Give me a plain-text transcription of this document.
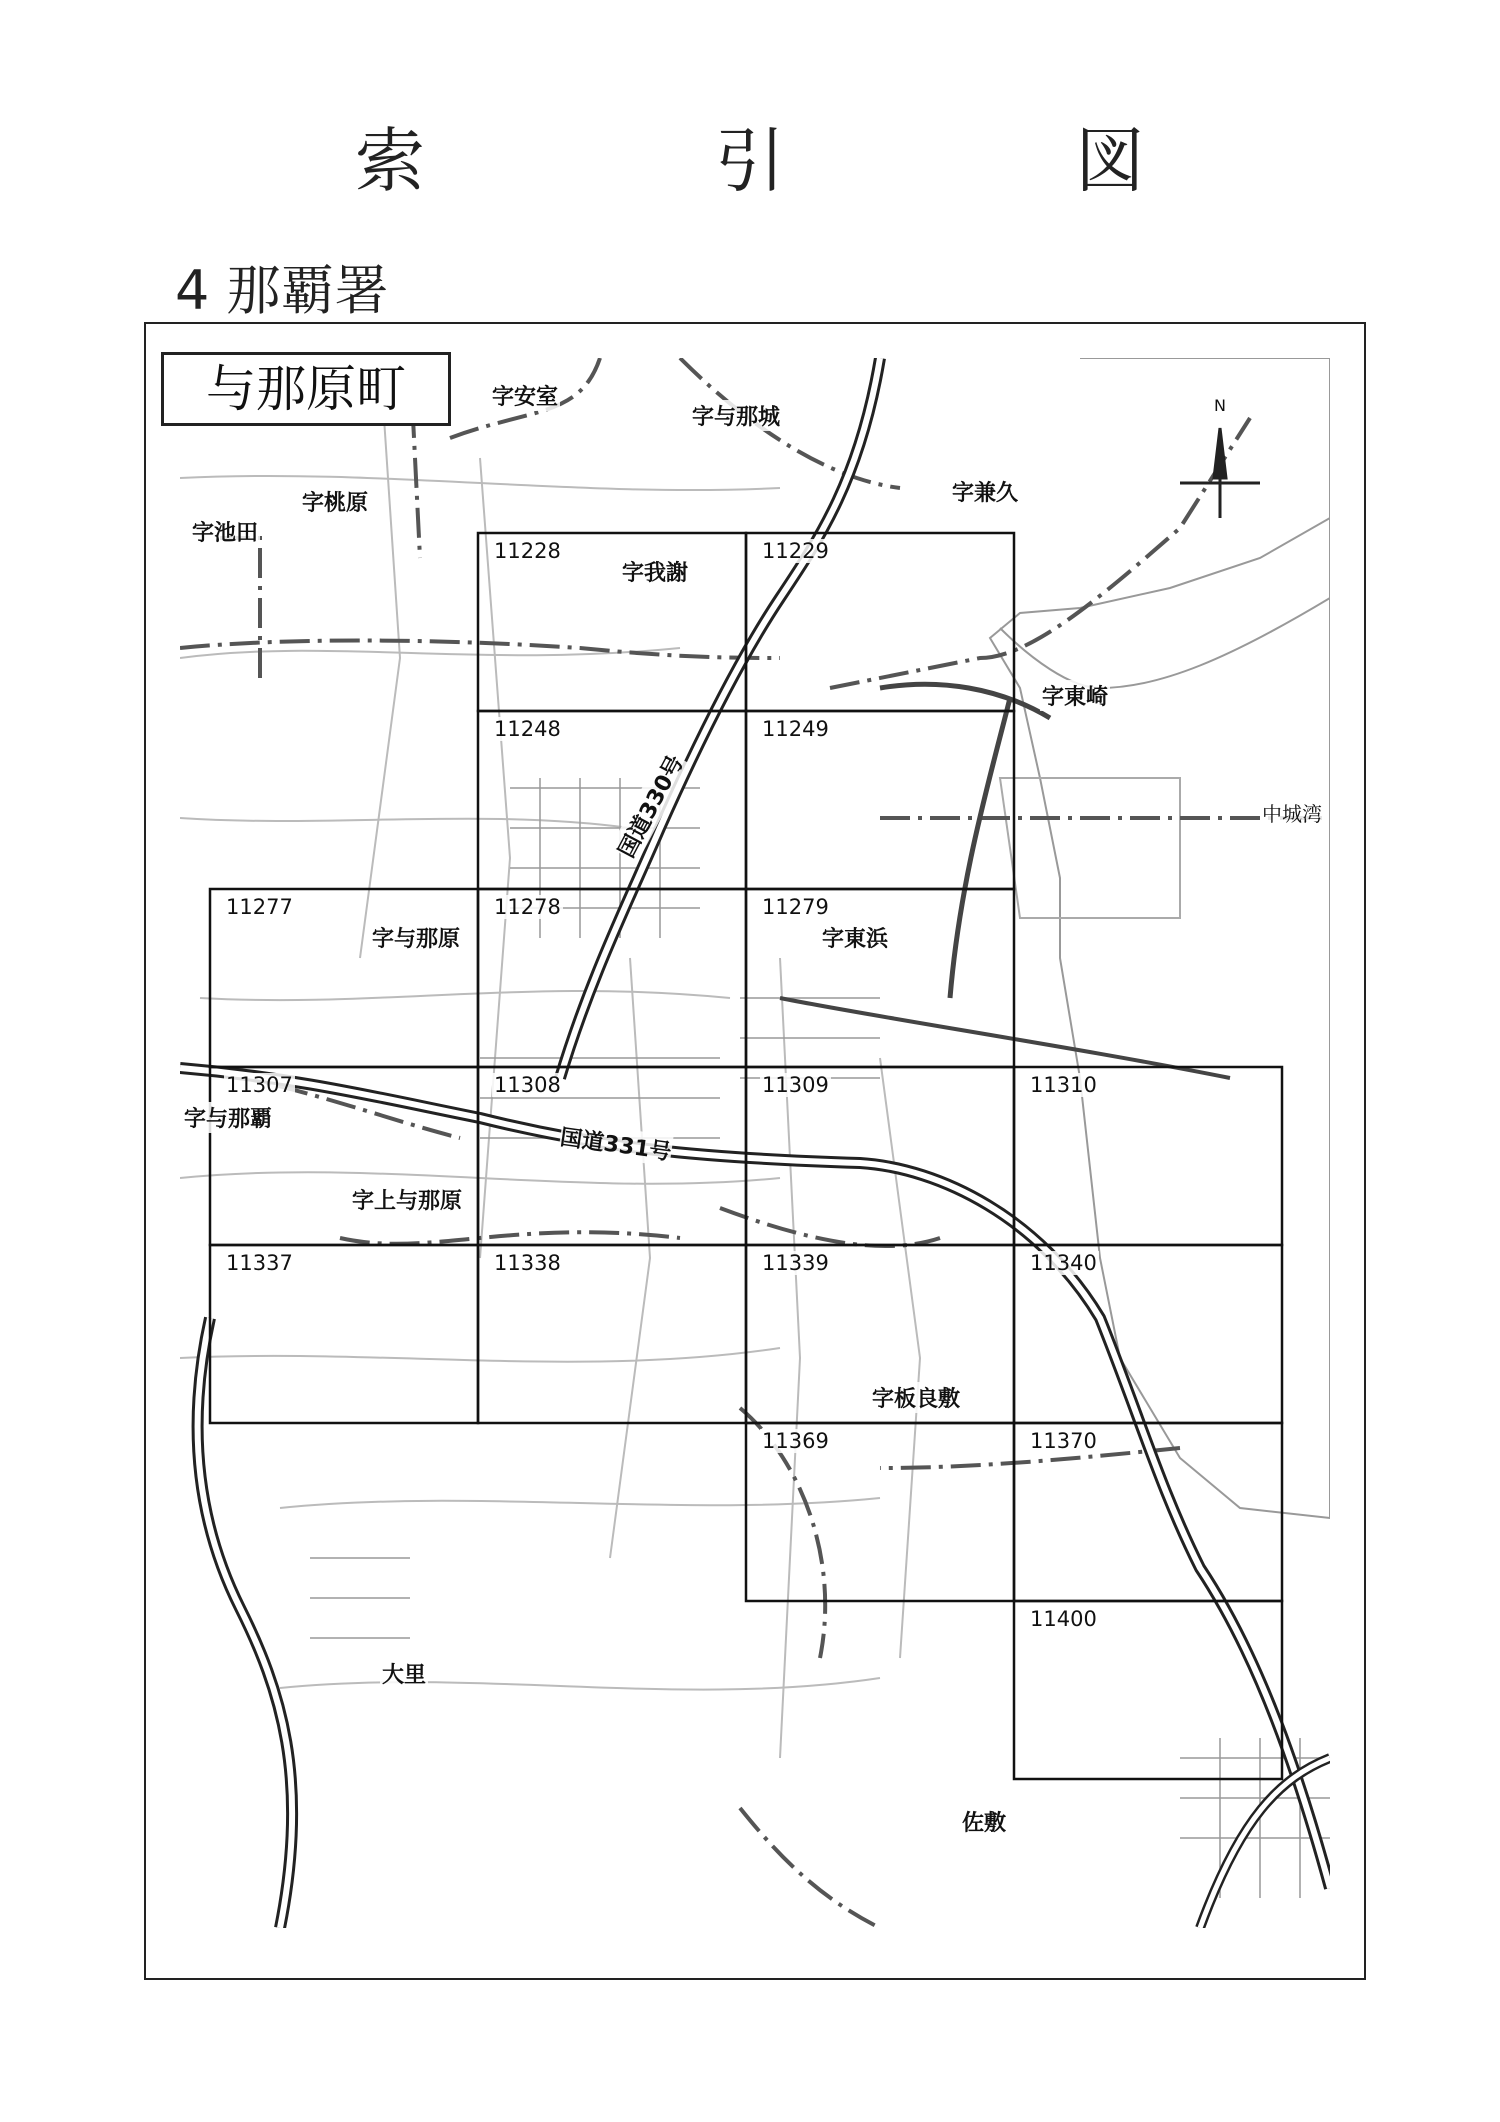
索　引　図
4 那覇署
N
字安室
字与那城
字兼久
字桃原
字池田
字我謝
字東崎
中城湾
字与那原	字東浜
字与那覇
字上与那原
字板良敷
大里
佐敷
国道331号
国道330号
11228	11229
11248	11249
11277	11278	11279
11307	11308	11309	11310
11337	11338	11339	11340
11369	11370
11400
与那原町
